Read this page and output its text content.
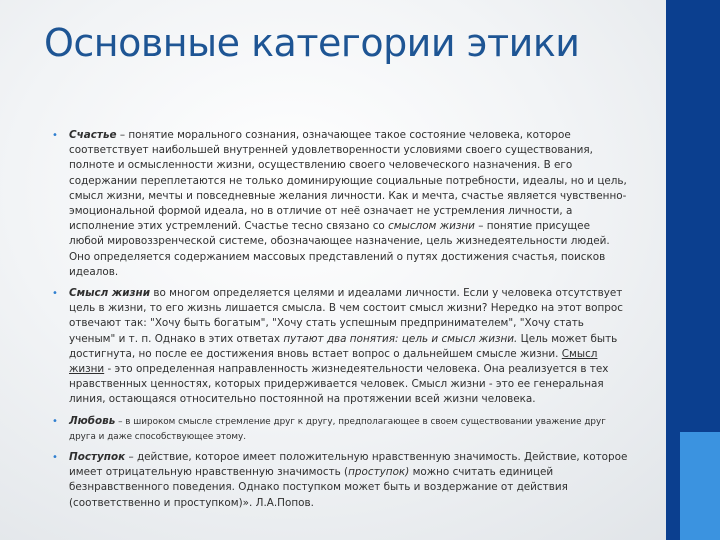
Основные категории этики
• Счастье – понятие морального сознания, означающее такое состояние человека, которое соответствует наибольшей внутренней удовлетворенности условиями своего существования, полноте и осмысленности жизни, осуществлению своего человеческого назначения. В его содержании переплетаются не только доминирующие социальные потребности, идеалы, но и цель, смысл жизни, мечты и повседневные желания личности. Как и мечта, счастье является чувственно-эмоциональной формой идеала, но в отличие от неё означает не устремления личности, а исполнение этих устремлений. Счастье тесно связано со смыслом жизни – понятие присущее любой мировоззренческой системе, обозначающее назначение, цель жизнедеятельности людей. Оно определяется содержанием массовых представлений о путях достижения счастья, поисков идеалов.
• Смысл жизни во многом определяется целями и идеалами личности. Если у человека отсутствует цель в жизни, то его жизнь лишается смысла. В чем состоит смысл жизни? Нередко на этот вопрос отвечают так: "Хочу быть богатым", "Хочу стать успешным предпринимателем", "Хочу стать ученым" и т. п. Однако в этих ответах путают два понятия: цель и смысл жизни. Цель может быть достигнута, но после ее достижения вновь встает вопрос о дальнейшем смысле жизни. Смысл жизни - это определенная направленность жизнедеятельности человека. Она реализуется в тех нравственных ценностях, которых придерживается человек. Смысл жизни - это ее генеральная линия, остающаяся относительно постоянной на протяжении всей жизни человека.
• Любовь – в широком смысле стремление друг к другу, предполагающее в своем существовании уважение друг друга и даже способствующее этому.
• Поступок – действие, которое имеет положительную нравственную значимость. Действие, которое имеет отрицательную нравственную значимость (проступок) можно считать единицей безнравственного поведения. Однако поступком может быть и воздержание от действия (соответственно и проступком)». Л.А.Попов.
